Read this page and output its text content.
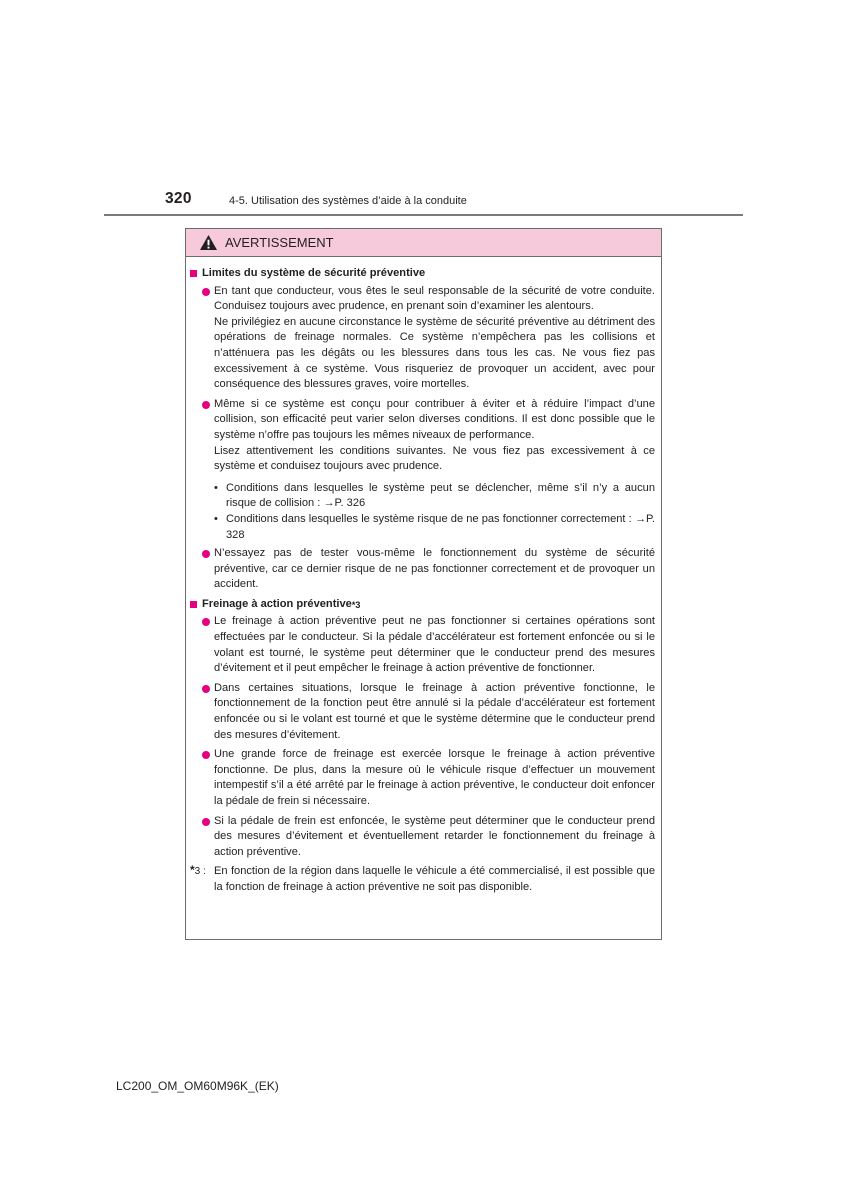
320	4-5. Utilisation des systèmes d’aide à la conduite
AVERTISSEMENT
Limites du système de sécurité préventive

En tant que conducteur, vous êtes le seul responsable de la sécurité de votre conduite. Conduisez toujours avec prudence, en prenant soin d’examiner les alentours.

Ne privilégiez en aucune circonstance le système de sécurité préventive au détriment des opérations de freinage normales. Ce système n’empêchera pas les collisions et n’atténuera pas les dégâts ou les blessures dans tous les cas. Ne vous fiez pas excessivement à ce système. Vous risqueriez de provoquer un accident, avec pour conséquence des blessures graves, voire mortelles.

Même si ce système est conçu pour contribuer à éviter et à réduire l’impact d’une collision, son efficacité peut varier selon diverses conditions. Il est donc possible que le système n’offre pas toujours les mêmes niveaux de performance.

Lisez attentivement les conditions suivantes. Ne vous fiez pas excessivement à ce système et conduisez toujours avec prudence.

• Conditions dans lesquelles le système peut se déclencher, même s’il n’y a aucun risque de collision : →P. 326
• Conditions dans lesquelles le système risque de ne pas fonctionner correctement : →P. 328

N’essayez pas de tester vous-même le fonctionnement du système de sécurité préventive, car ce dernier risque de ne pas fonctionner correctement et de provoquer un accident.

Freinage à action préventive *3

Le freinage à action préventive peut ne pas fonctionner si certaines opérations sont effectuées par le conducteur. Si la pédale d’accélérateur est fortement enfoncée ou si le volant est tourné, le système peut déterminer que le conducteur prend des mesures d’évitement et il peut empêcher le freinage à action préventive de fonctionner.

Dans certaines situations, lorsque le freinage à action préventive fonctionne, le fonctionnement de la fonction peut être annulé si la pédale d’accélérateur est fortement enfoncée ou si le volant est tourné et que le système détermine que le conducteur prend des mesures d’évitement.

Une grande force de freinage est exercée lorsque le freinage à action préventive fonctionne. De plus, dans la mesure où le véhicule risque d’effectuer un mouvement intempestif s’il a été arrêté par le freinage à action préventive, le conducteur doit enfoncer la pédale de frein si nécessaire.

Si la pédale de frein est enfoncée, le système peut déterminer que le conducteur prend des mesures d’évitement et éventuellement retarder le fonctionnement du freinage à action préventive.

*3 : En fonction de la région dans laquelle le véhicule a été commercialisé, il est possible que la fonction de freinage à action préventive ne soit pas disponible.
LC200_OM_OM60M96K_(EK)
